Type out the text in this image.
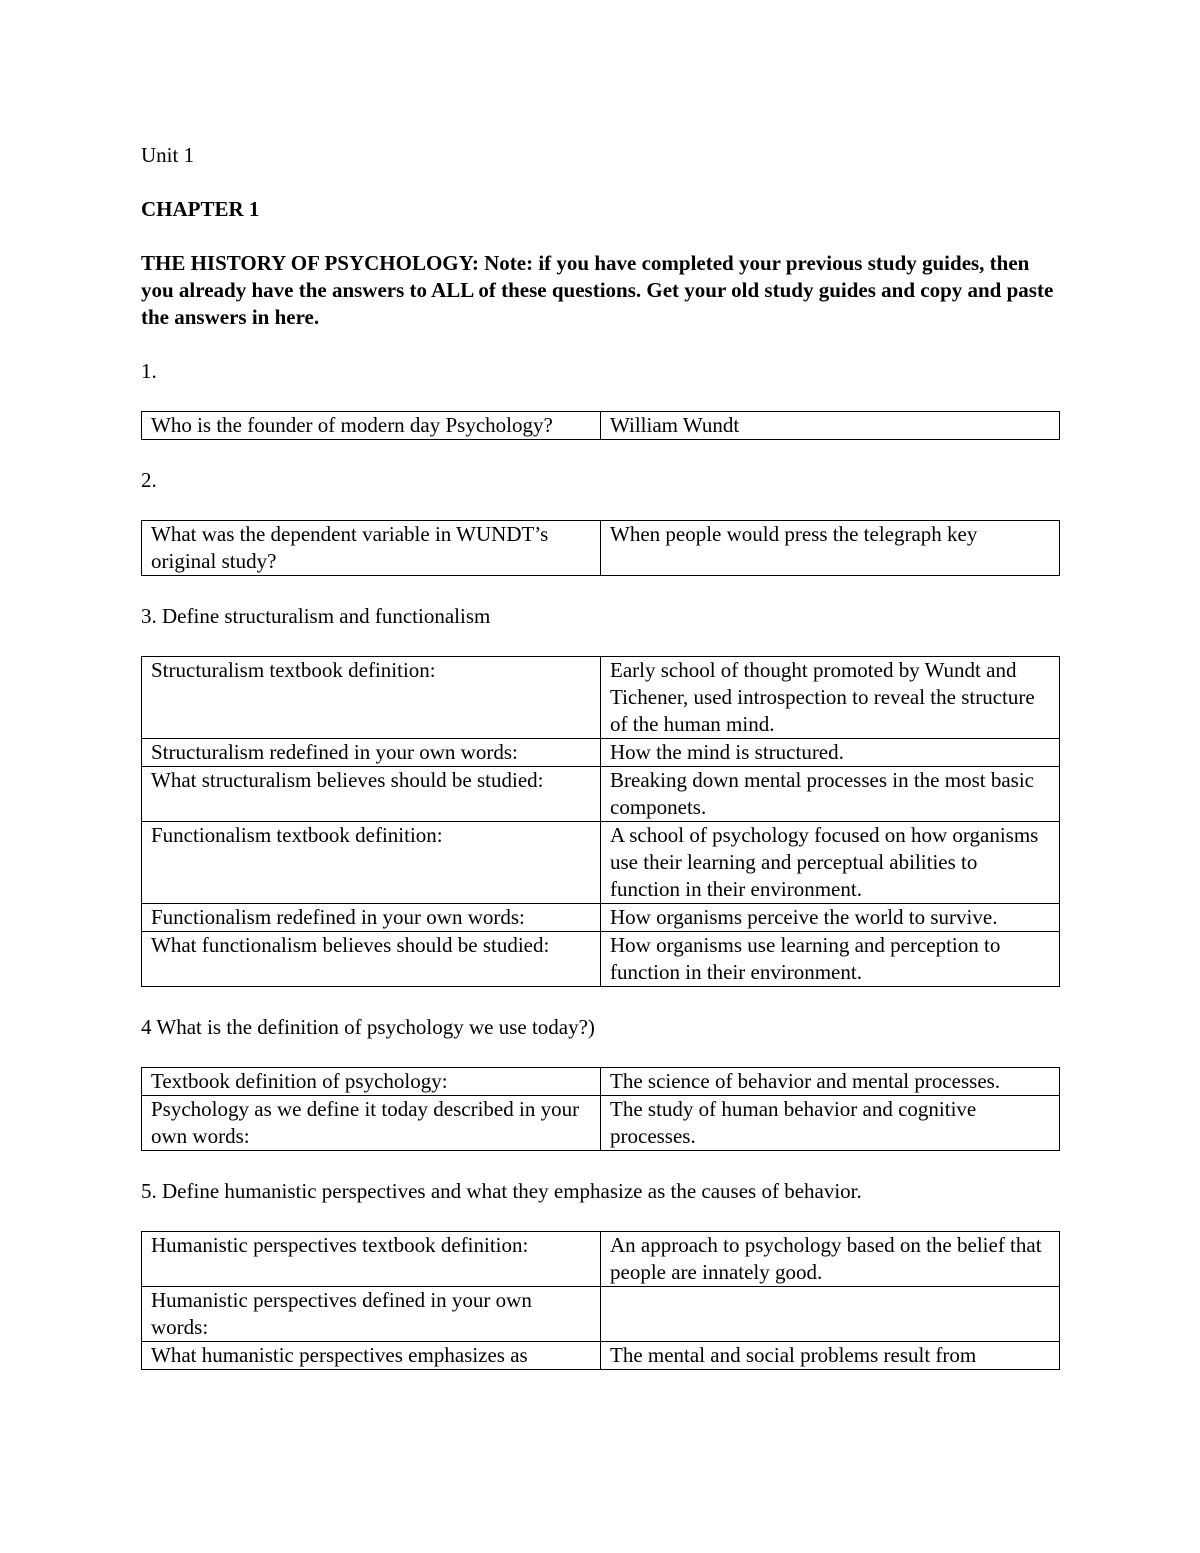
Unit 1

CHAPTER 1

THE HISTORY OF PSYCHOLOGY: Note: if you have completed your previous study guides, then you already have the answers to ALL of these questions. Get your old study guides and copy and paste the answers in here.

1.

Who is the founder of modern day Psychology?	William Wundt

2.

What was the dependent variable in WUNDT’s original study?	When people would press the telegraph key

3. Define structuralism and functionalism

Structuralism textbook definition:	Early school of thought promoted by Wundt and Tichener, used introspection to reveal the structure of the human mind.
Structuralism redefined in your own words:	How the mind is structured.
What structuralism believes should be studied:	Breaking down mental processes in the most basic componets.
Functionalism textbook definition:	A school of psychology focused on how organisms use their learning and perceptual abilities to function in their environment.
Functionalism redefined in your own words:	How organisms perceive the world to survive.
What functionalism believes should be studied:	How organisms use learning and perception to function in their environment.

4 What is the definition of psychology we use today?)

Textbook definition of psychology:	The science of behavior and mental processes.
Psychology as we define it today described in your own words:	The study of human behavior and cognitive processes.

5. Define humanistic perspectives and what they emphasize as the causes of behavior.

Humanistic perspectives textbook definition:	An approach to psychology based on the belief that people are innately good.
Humanistic perspectives defined in your own words:	
What humanistic perspectives emphasizes as	The mental and social problems result from
